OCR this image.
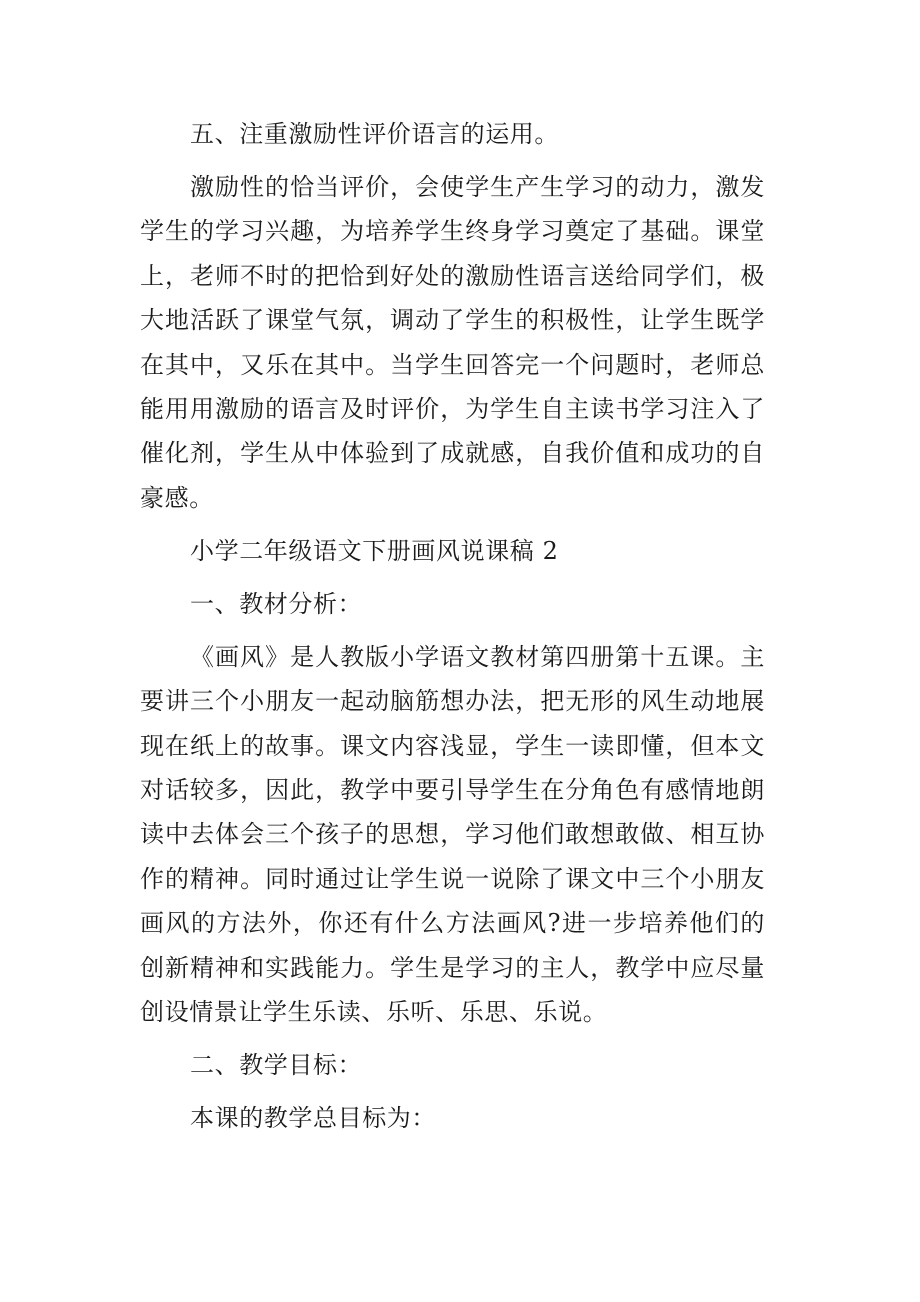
五、注重激励性评价语言的运用。

激励性的恰当评价，会使学生产生学习的动力，激发学生的学习兴趣，为培养学生终身学习奠定了基础。课堂上，老师不时的把恰到好处的激励性语言送给同学们，极大地活跃了课堂气氛，调动了学生的积极性，让学生既学在其中，又乐在其中。当学生回答完一个问题时，老师总能用用激励的语言及时评价，为学生自主读书学习注入了催化剂，学生从中体验到了成就感，自我价值和成功的自豪感。

小学二年级语文下册画风说课稿 2

一、教材分析：

《画风》是人教版小学语文教材第四册第十五课。主要讲三个小朋友一起动脑筋想办法，把无形的风生动地展现在纸上的故事。课文内容浅显，学生一读即懂，但本文对话较多，因此，教学中要引导学生在分角色有感情地朗读中去体会三个孩子的思想，学习他们敢想敢做、相互协作的精神。同时通过让学生说一说除了课文中三个小朋友画风的方法外，你还有什么方法画风?进一步培养他们的创新精神和实践能力。学生是学习的主人，教学中应尽量创设情景让学生乐读、乐听、乐思、乐说。

二、教学目标：

本课的教学总目标为：
